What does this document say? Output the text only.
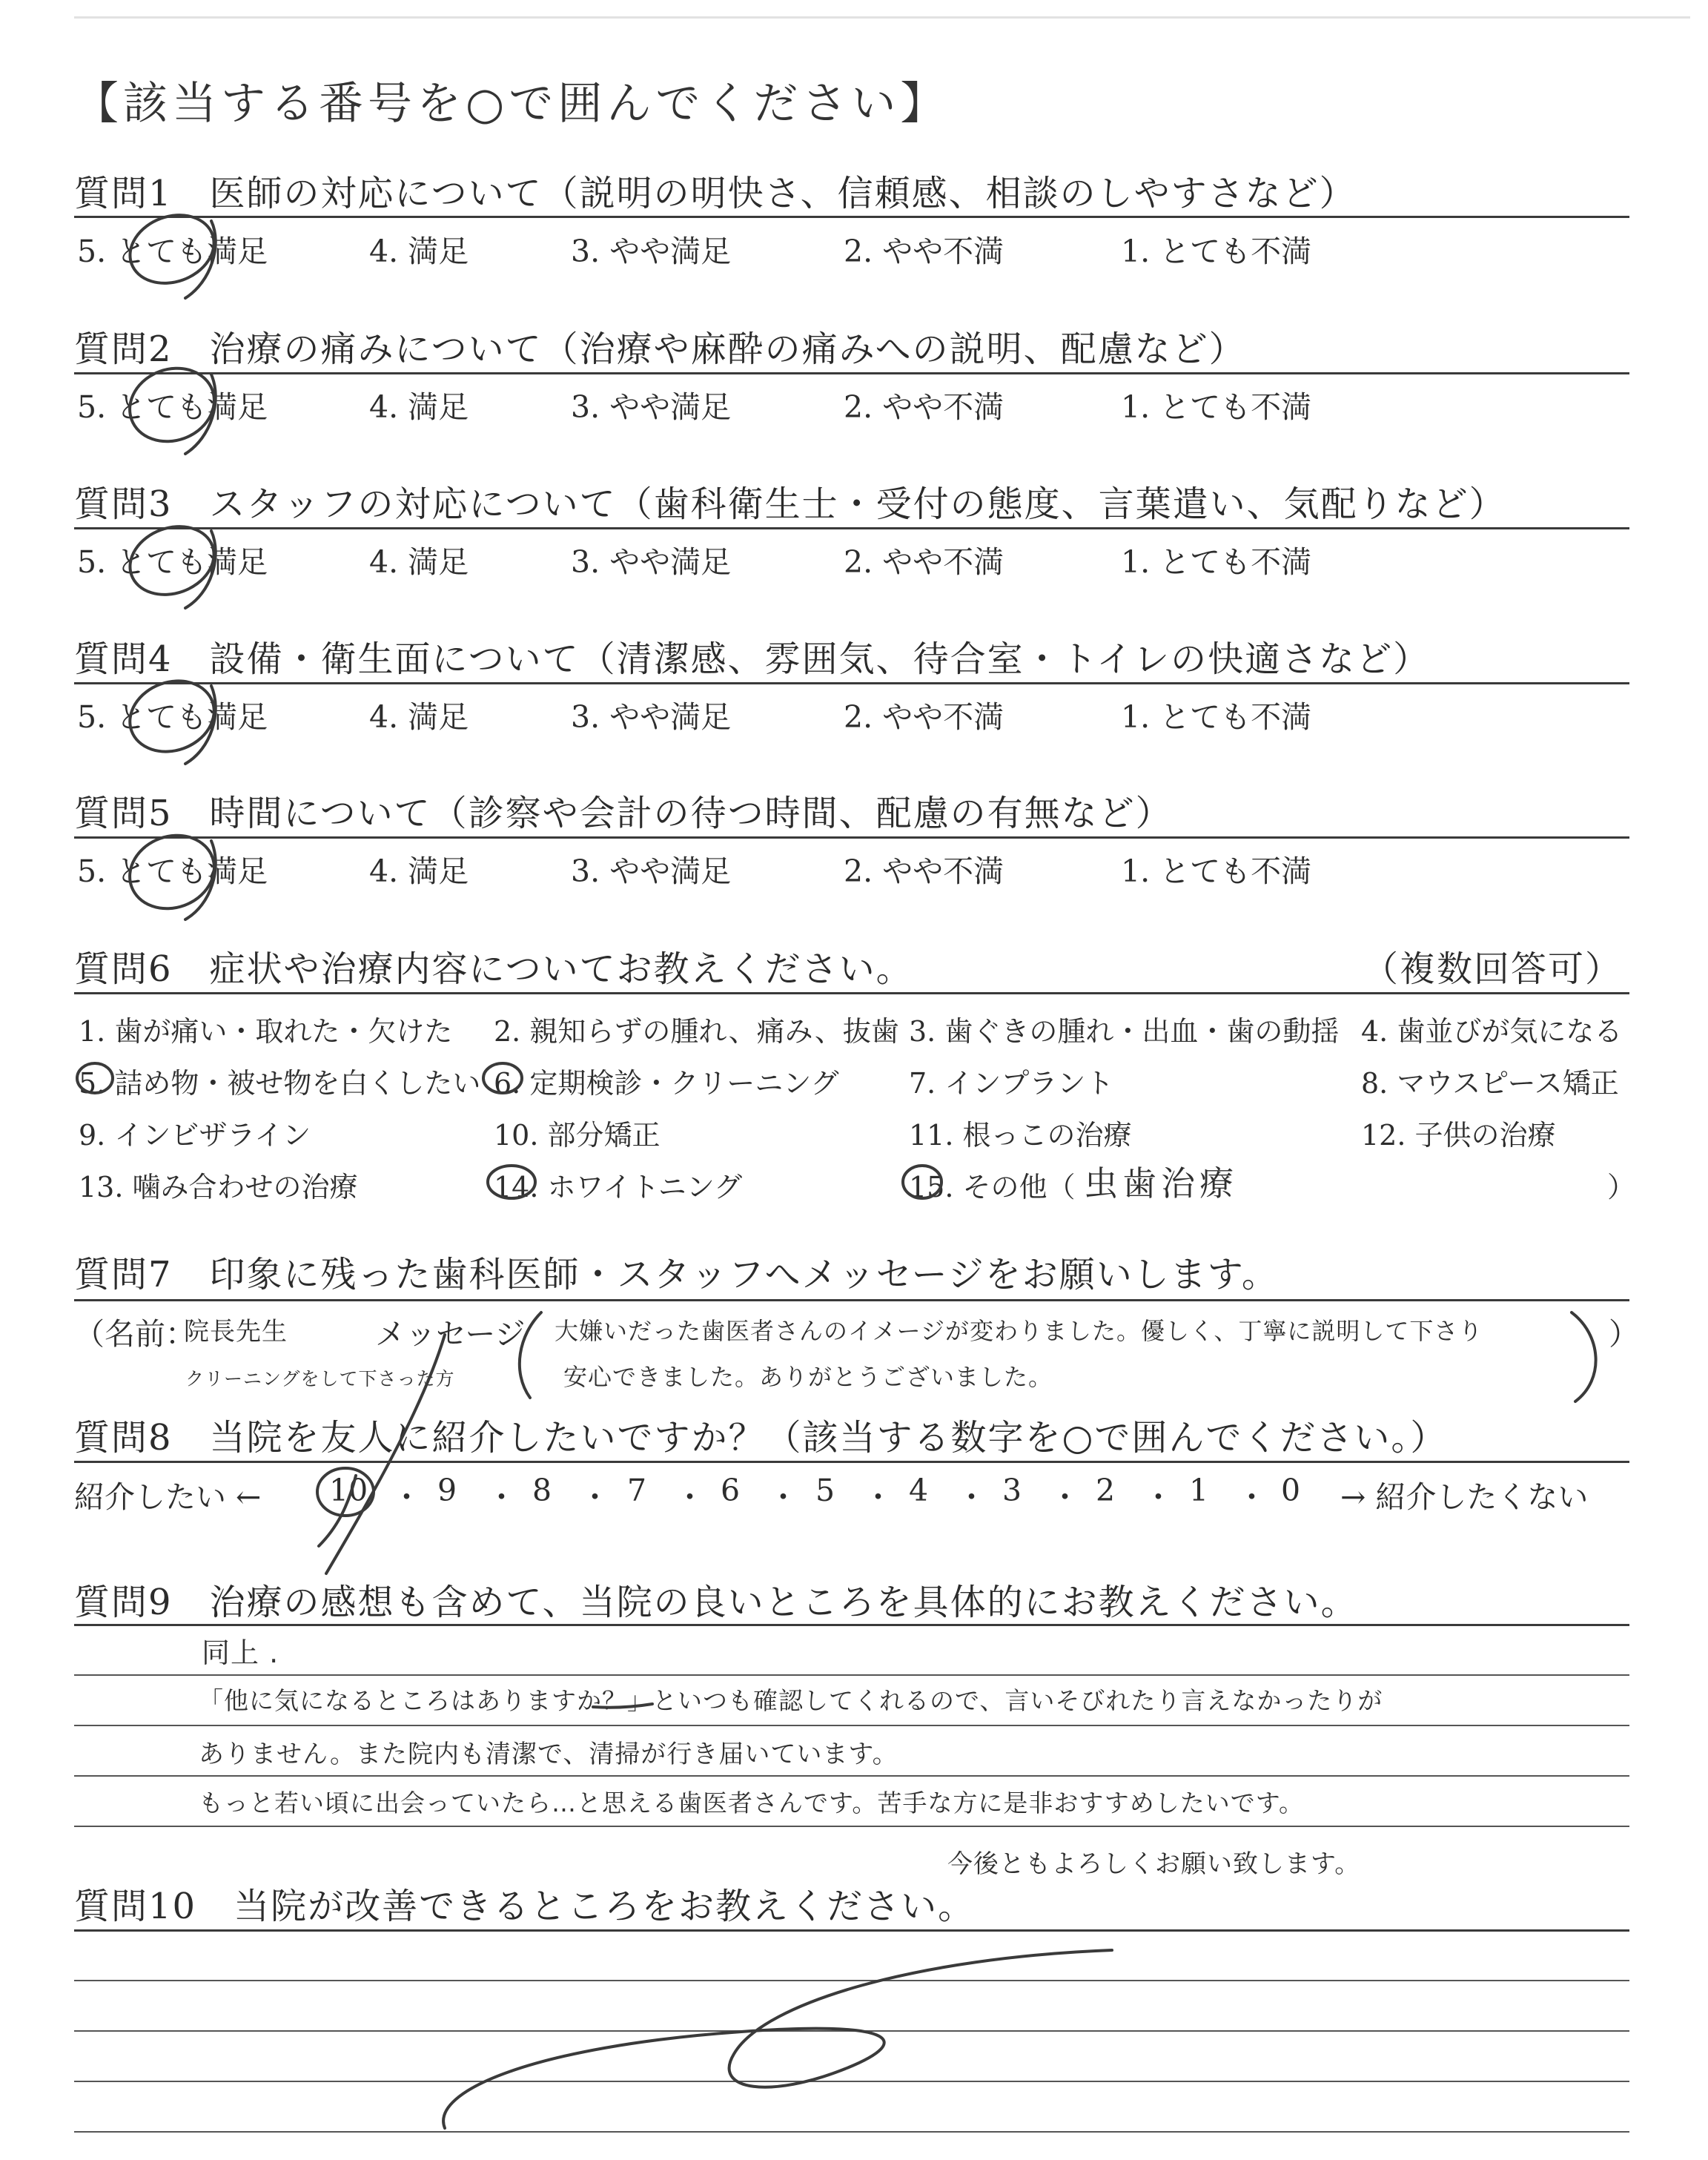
【該当する番号を○で囲んでください】
質問1　医師の対応について（説明の明快さ、信頼感、相談のしやすさなど）
5. とても満足	4. 満足	3. やや満足	2. やや不満	1. とても不満
質問2　治療の痛みについて（治療や麻酔の痛みへの説明、配慮など）
5. とても満足	4. 満足	3. やや満足	2. やや不満	1. とても不満
質問3　スタッフの対応について（歯科衛生士・受付の態度、言葉遣い、気配りなど）
5. とても満足	4. 満足	3. やや満足	2. やや不満	1. とても不満
質問4　設備・衛生面について（清潔感、雰囲気、待合室・トイレの快適さなど）
5. とても満足	4. 満足	3. やや満足	2. やや不満	1. とても不満
質問5　時間について（診察や会計の待つ時間、配慮の有無など）
5. とても満足	4. 満足	3. やや満足	2. やや不満	1. とても不満
質問6　症状や治療内容についてお教えください。	（複数回答可）
1. 歯が痛い・取れた・欠けた 2. 親知らずの腫れ、痛み、抜歯 3. 歯ぐきの腫れ・出血・歯の動揺 4. 歯並びが気になる
5. 詰め物・被せ物を白くしたい 6. 定期検診・クリーニング 7. インプラント	8. マウスピース矯正
9. インビザライン	10. 部分矯正	11. 根っこの治療	12. 子供の治療
13. 噛み合わせの治療	14. ホワイトニング	15. その他（ 虫歯治療	）
質問7　印象に残った歯科医師・スタッフへメッセージをお願いします。
（名前：
院長先生
クリーニングをして下さった方
メッセージ	）
大嫌いだった歯医者さんのイメージが変わりました。優しく、丁寧に説明して下さり
安心できました。ありがとうございました。
質問8　当院を友人に紹介したいですか？（該当する数字を○で囲んでください。）
紹介したい ←	→ 紹介したくない
10 ・ 9 ・ 8 ・ 7 ・ 6 ・ 5 ・ 4 ・ 3 ・ 2 ・ 1 ・ 0
質問9　治療の感想も含めて、当院の良いところを具体的にお教えください。
同上 .
「他に気になるところはありますか？」といつも確認してくれるので、言いそびれたり言えなかったりが
ありません。また院内も清潔で、清掃が行き届いています。
もっと若い頃に出会っていたら…と思える歯医者さんです。苦手な方に是非おすすめしたいです。
今後ともよろしくお願い致します。
質問10　当院が改善できるところをお教えください。
